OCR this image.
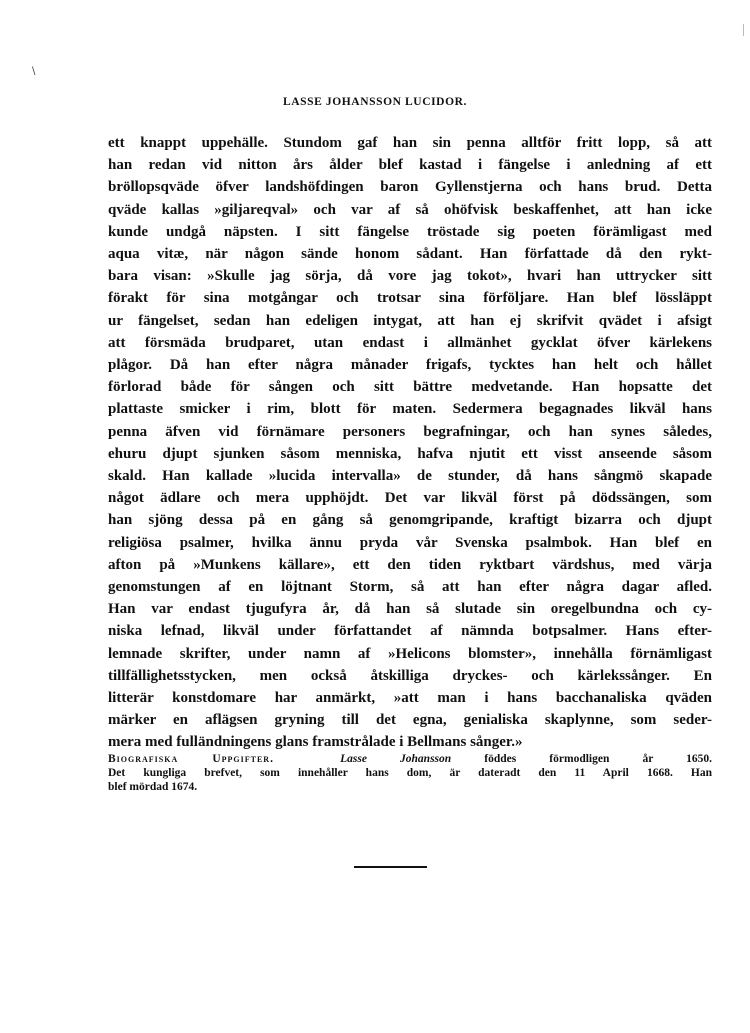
\
LASSE JOHANSSON LUCIDOR.
ett knappt uppehälle. Stundom gaf han sin penna alltför fritt lopp, så att
han redan vid nitton års ålder blef kastad i fängelse i anledning af ett
bröllopsqväde öfver landshöfdingen baron Gyllenstjerna och hans brud. Detta
qväde kallas »giljareqval» och var af så ohöfvisk beskaffenhet, att han icke
kunde undgå näpsten. I sitt fängelse tröstade sig poeten förämligast med
aqua vitæ, när någon sände honom sådant. Han författade då den rykt-
bara visan: »Skulle jag sörja, då vore jag tokot», hvari han uttrycker sitt
förakt för sina motgångar och trotsar sina förföljare. Han blef lössläppt
ur fängelset, sedan han edeligen intygat, att han ej skrifvit qvädet i afsigt
att försmäda brudparet, utan endast i allmänhet gycklat öfver kärlekens
plågor. Då han efter några månader frigafs, tycktes han helt och hållet
förlorad både för sången och sitt bättre medvetande. Han hopsatte det
plattaste smicker i rim, blott för maten. Sedermera begagnades likväl hans
penna äfven vid förnämare personers begrafningar, och han synes således,
ehuru djupt sjunken såsom menniska, hafva njutit ett visst anseende såsom
skald. Han kallade »lucida intervalla» de stunder, då hans sångmö skapade
något ädlare och mera upphöjdt. Det var likväl först på dödssängen, som
han sjöng dessa på en gång så genomgripande, kraftigt bizarra och djupt
religiösa psalmer, hvilka ännu pryda vår Svenska psalmbok. Han blef en
afton på »Munkens källare», ett den tiden ryktbart värdshus, med värja
genomstungen af en löjtnant Storm, så att han efter några dagar afled.
Han var endast tjugufyra år, då han så slutade sin oregelbundna och cy-
niska lefnad, likväl under författandet af nämnda botpsalmer. Hans efter-
lemnade skrifter, under namn af »Helicons blomster», innehålla förnämligast
tillfällighetsstycken, men också åtskilliga dryckes- och kärlekssånger. En
litterär konstdomare har anmärkt, »att man i hans bacchanaliska qväden
märker en aflägsen gryning till det egna, genialiska skaplynne, som seder-
mera med fulländningens glans framstrålade i Bellmans sånger.»
Biografiska Uppgifter.	Lasse Johansson	föddes förmodligen år 1650.
Det kungliga brefvet, som innehåller hans dom, är dateradt den 11 April 1668. Han
blef mördad 1674.
